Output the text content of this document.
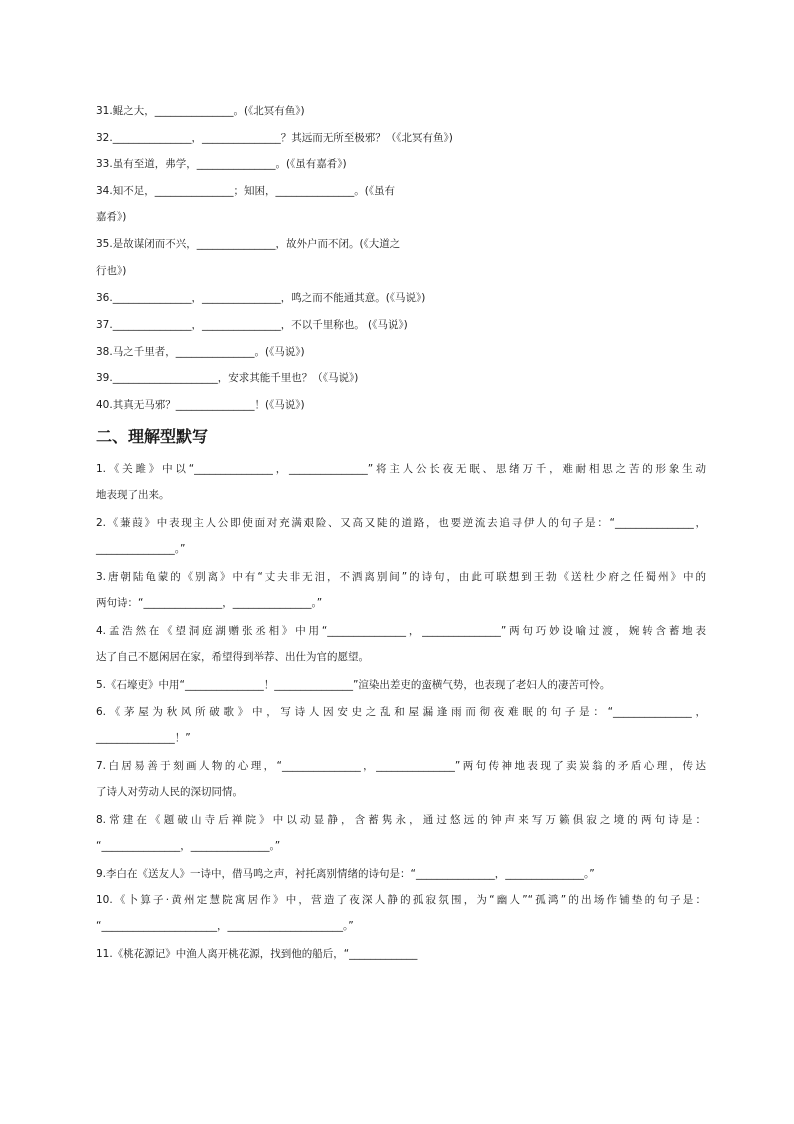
31.鲲之大，_______________。(《北冥有鱼》)
32._______________，_______________？其远而无所至极邪？（《北冥有鱼》)
33.虽有至道，弗学，_______________。(《虽有嘉肴》)
34.知不足，_______________；知困，_______________。(《虽有
嘉肴》)
35.是故谋闭而不兴，_______________，故外户而不闭。(《大道之
行也》)
36._______________，_______________，鸣之而不能通其意。(《马说》)
37._______________，_______________，不以千里称也。 (《马说》)
38.马之千里者，_______________。(《马说》)
39.____________________，安求其能千里也？（《马说》)
40.其真无马邪？_______________！(《马说》)
二、理解型默写
1.《关雎》中以“_______________，_______________”将主人公长夜无眠、思绪万千，难耐相思之苦的形象生动
地表现了出来。
2.《蒹葭》中表现主人公即使面对充满艰险、又高又陡的道路，也要逆流去追寻伊人的句子是：“_______________，
_______________。”
3.唐朝陆龟蒙的《别离》中有“丈夫非无泪，不洒离别间”的诗句，由此可联想到王勃《送杜少府之任蜀州》中的
两句诗：“_______________，_______________。”
4.孟浩然在《望洞庭湖赠张丞相》中用“_______________，_______________”两句巧妙设喻过渡，婉转含蓄地表
达了自己不愿闲居在家，希望得到举荐、出仕为官的愿望。
5.《石壕吏》中用“_______________！_______________”渲染出差吏的蛮横气势，也表现了老妇人的凄苦可怜。
6.《茅屋为秋风所破歌》中，写诗人因安史之乱和屋漏逢雨而彻夜难眠的句子是：“_______________，
_______________！”
7.白居易善于刻画人物的心理，“_______________，_______________”两句传神地表现了卖炭翁的矛盾心理，传达
了诗人对劳动人民的深切同情。
8.常建在《题破山寺后禅院》中以动显静，含蓄隽永，通过悠远的钟声来写万籁俱寂之境的两句诗是：
“_______________，_______________。”
9.李白在《送友人》一诗中，借马鸣之声，衬托离别情绪的诗句是：“_______________，_______________。”
10.《卜算子·黄州定慧院寓居作》中，营造了夜深人静的孤寂氛围，为“幽人”“孤鸿”的出场作铺垫的句子是：
“______________________，______________________。”
11.《桃花源记》中渔人离开桃花源，找到他的船后，“_____________
